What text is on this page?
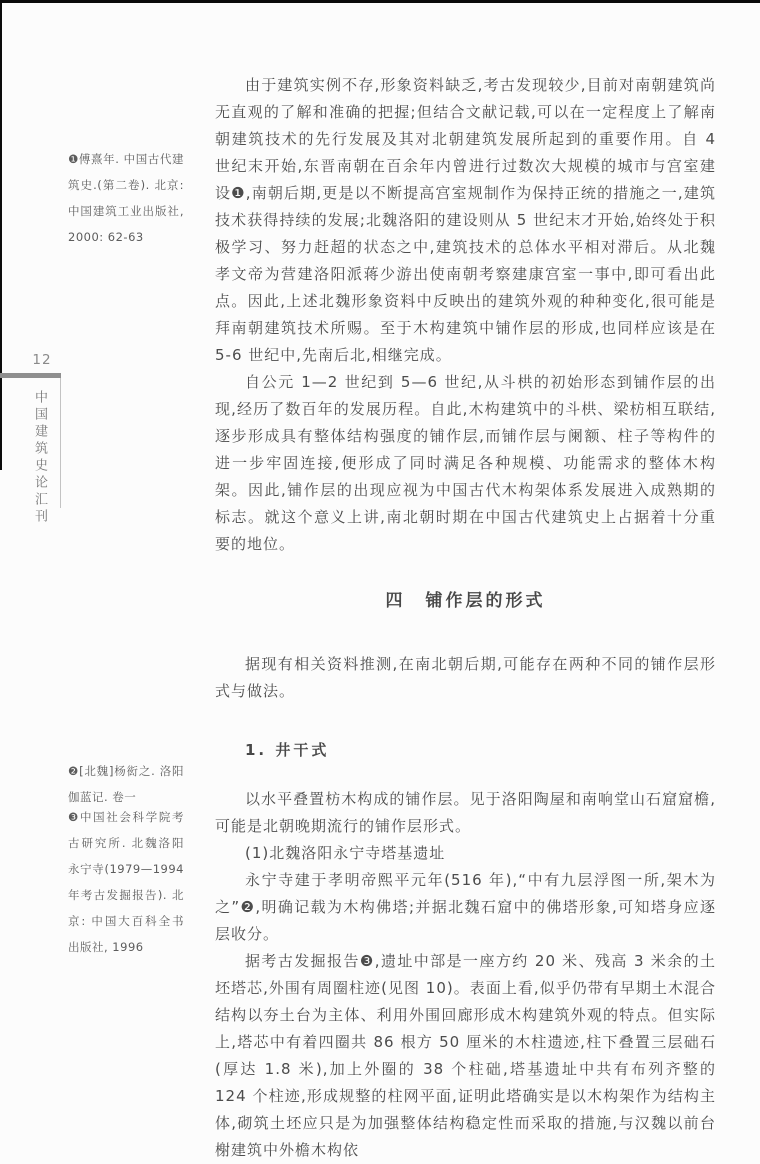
12
中国建筑史论汇刊
❶傅熹年. 中国古代建筑史.(第二卷). 北京: 中国建筑工业出版社, 2000: 62-63
❷[北魏]杨衒之. 洛阳伽蓝记. 卷一
❸中国社会科学院考古研究所. 北魏洛阳永宁寺(1979—1994 年考古发掘报告). 北京: 中国大百科全书出版社, 1996

由于建筑实例不存,形象资料缺乏,考古发现较少,目前对南朝建筑尚无直观的了解和准确的把握;但结合文献记载,可以在一定程度上了解南朝建筑技术的先行发展及其对北朝建筑发展所起到的重要作用。自 4 世纪末开始,东晋南朝在百余年内曾进行过数次大规模的城市与宫室建设❶,南朝后期,更是以不断提高宫室规制作为保持正统的措施之一,建筑技术获得持续的发展;北魏洛阳的建设则从 5 世纪末才开始,始终处于积极学习、努力赶超的状态之中,建筑技术的总体水平相对滞后。从北魏孝文帝为营建洛阳派蒋少游出使南朝考察建康宫室一事中,即可看出此点。因此,上述北魏形象资料中反映出的建筑外观的种种变化,很可能是拜南朝建筑技术所赐。至于木构建筑中铺作层的形成,也同样应该是在 5-6 世纪中,先南后北,相继完成。

自公元 1—2 世纪到 5—6 世纪,从斗栱的初始形态到铺作层的出现,经历了数百年的发展历程。自此,木构建筑中的斗栱、梁枋相互联结,逐步形成具有整体结构强度的铺作层,而铺作层与阑额、柱子等构件的进一步牢固连接,便形成了同时满足各种规模、功能需求的整体木构架。因此,铺作层的出现应视为中国古代木构架体系发展进入成熟期的标志。就这个意义上讲,南北朝时期在中国古代建筑史上占据着十分重要的地位。

四　铺作层的形式

据现有相关资料推测,在南北朝后期,可能存在两种不同的铺作层形式与做法。

1. 井干式

以水平叠置枋木构成的铺作层。见于洛阳陶屋和南响堂山石窟窟檐,可能是北朝晚期流行的铺作层形式。

(1)北魏洛阳永宁寺塔基遗址

永宁寺建于孝明帝熙平元年(516 年),“中有九层浮图一所,架木为之”❷,明确记载为木构佛塔;并据北魏石窟中的佛塔形象,可知塔身应逐层收分。

据考古发掘报告❸,遗址中部是一座方约 20 米、残高 3 米余的土坯塔芯,外围有周圈柱迹(见图 10)。表面上看,似乎仍带有早期土木混合结构以夯土台为主体、利用外围回廊形成木构建筑外观的特点。但实际上,塔芯中有着四圈共 86 根方 50 厘米的木柱遗迹,柱下叠置三层础石(厚达 1.8 米),加上外圈的 38 个柱础,塔基遗址中共有布列齐整的 124 个柱迹,形成规整的柱网平面,证明此塔确实是以木构架作为结构主体,砌筑土坯应只是为加强整体结构稳定性而采取的措施,与汉魏以前台榭建筑中外檐木构依
